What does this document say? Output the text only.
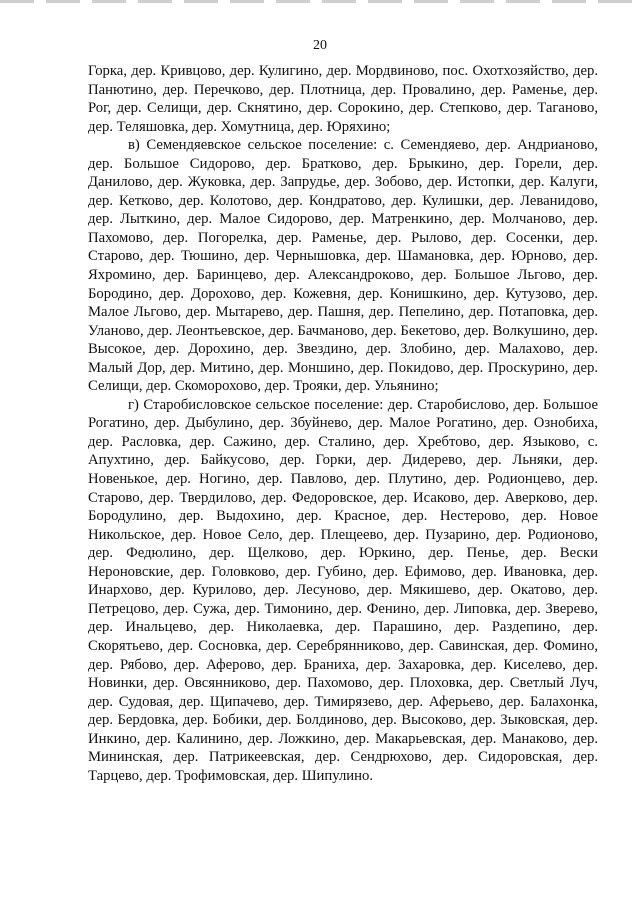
20

Горка, дер. Кривцово, дер. Кулигино, дер. Мордвиново, пос. Охотхозяйство, дер. Панютино, дер. Перечково, дер. Плотница, дер. Провалино, дер. Раменье, дер. Рог, дер. Селищи, дер. Скнятино, дер. Сорокино, дер. Степково, дер. Таганово, дер. Теляшовка, дер. Хомутница, дер. Юряхино;

в) Семендяевское сельское поселение: с. Семендяево, дер. Андрианово, дер. Большое Сидорово, дер. Братково, дер. Брыкино, дер. Горели, дер. Данилово, дер. Жуковка, дер. Запрудье, дер. Зобово, дер. Истопки, дер. Калуги, дер. Кетково, дер. Колотово, дер. Кондратово, дер. Кулишки, дер. Леванидово, дер. Лыткино, дер. Малое Сидорово, дер. Матренкино, дер. Молчаново, дер. Пахомово, дер. Погорелка, дер. Раменье, дер. Рылово, дер. Сосенки, дер. Старово, дер. Тюшино, дер. Чернышовка, дер. Шамановка, дер. Юрново, дер. Яхромино, дер. Баринцево, дер. Александроково, дер. Большое Льгово, дер. Бородино, дер. Дорохово, дер. Кожевня, дер. Конишкино, дер. Кутузово, дер. Малое Льгово, дер. Мытарево, дер. Пашня, дер. Пепелино, дер. Потаповка, дер. Уланово, дер. Леонтьевское, дер. Бачманово, дер. Бекетово, дер. Волкушино, дер. Высокое, дер. Дорохино, дер. Звездино, дер. Злобино, дер. Малахово, дер. Малый Дор, дер. Митино, дер. Моншино, дер. Покидово, дер. Проскурино, дер. Селищи, дер. Скоморохово, дер. Трояки, дер. Ульянино;

г) Старобисловское сельское поселение: дер. Старобислово, дер. Большое Рогатино, дер. Дыбулино, дер. Збуйнево, дер. Малое Рогатино, дер. Ознобиха, дер. Расловка, дер. Сажино, дер. Сталино, дер. Хребтово, дер. Языково, с. Апухтино, дер. Байкусово, дер. Горки, дер. Дидерево, дер. Льняки, дер. Новенькое, дер. Ногино, дер. Павлово, дер. Плутино, дер. Родионцево, дер. Старово, дер. Твердилово, дер. Федоровское, дер. Исаково, дер. Аверково, дер. Бородулино, дер. Выдохино, дер. Красное, дер. Нестерово, дер. Новое Никольское, дер. Новое Село, дер. Плещеево, дер. Пузарино, дер. Родионово, дер. Федюлино, дер. Щелково, дер. Юркино, дер. Пенье, дер. Вески Нероновские, дер. Головково, дер. Губино, дер. Ефимово, дер. Ивановка, дер. Инархово, дер. Курилово, дер. Лесуново, дер. Мякишево, дер. Окатово, дер. Петрецово, дер. Сужа, дер. Тимонино, дер. Фенино, дер. Липовка, дер. Зверево, дер. Инальцево, дер. Николаевка, дер. Парашино, дер. Раздепино, дер. Скорятьево, дер. Сосновка, дер. Серебрянниково, дер. Савинская, дер. Фомино, дер. Рябово, дер. Аферово, дер. Браниха, дер. Захаровка, дер. Киселево, дер. Новинки, дер. Овсянниково, дер. Пахомово, дер. Плоховка, дер. Светлый Луч, дер. Судовая, дер. Щипачево, дер. Тимирязево, дер. Аферьево, дер. Балахонка, дер. Бердовка, дер. Бобики, дер. Болдиново, дер. Высоково, дер. Зыковская, дер. Инкино, дер. Калинино, дер. Ложкино, дер. Макарьевская, дер. Манаково, дер. Мининская, дер. Патрикеевская, дер. Сендрюхово, дер. Сидоровская, дер. Тарцево, дер. Трофимовская, дер. Шипулино.
